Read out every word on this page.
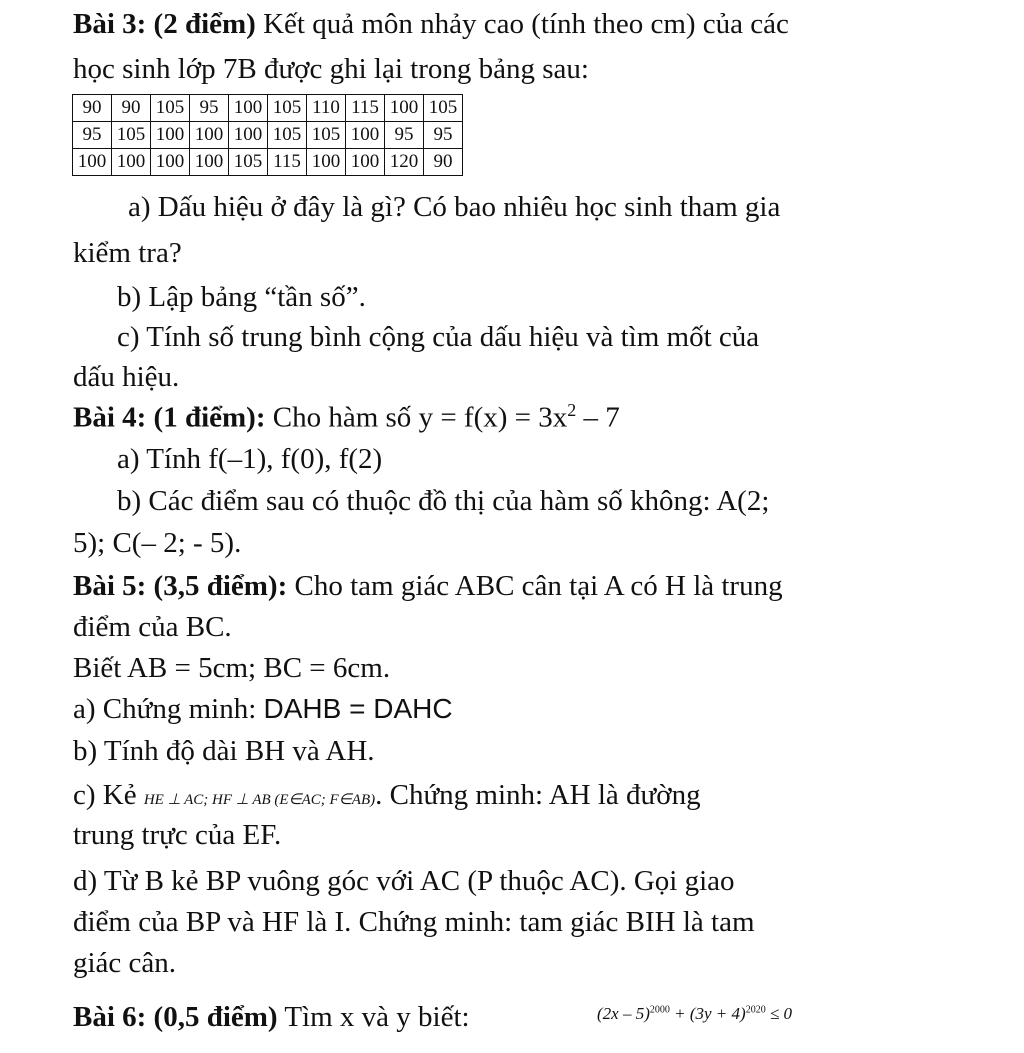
Bài 3: (2 điểm) Kết quả môn nhảy cao (tính theo cm) của các
học sinh lớp 7B được ghi lại trong bảng sau:
90	90	105	95	100	105	110	115	100	105
95	105	100	100	100	105	105	100	95	95
100	100	100	100	105	115	100	100	120	90
a) Dấu hiệu ở đây là gì? Có bao nhiêu học sinh tham gia
kiểm tra?
b) Lập bảng “tần số”.
c) Tính số trung bình cộng của dấu hiệu và tìm mốt của
dấu hiệu.
Bài 4: (1 điểm): Cho hàm số $y = f(x) = 3x^2 - 7$
a) Tính f(–1), f(0), f(2)
b) Các điểm sau có thuộc đồ thị của hàm số không: A(2;
5); C(– 2; - 5).
Bài 5: (3,5 điểm): Cho tam giác ABC cân tại A có H là trung
điểm của BC.
Biết AB = 5cm; BC = 6cm.
a) Chứng minh: DAHB = DAHC
b) Tính độ dài BH và AH.
c) Kẻ HE ⊥ AC; HF ⊥ AB (E∈AC; F∈AB). Chứng minh: AH là đường
trung trực của EF.
d) Từ B kẻ BP vuông góc với AC (P thuộc AC). Gọi giao
điểm của BP và HF là I. Chứng minh: tam giác BIH là tam
giác cân.
Bài 6: (0,5 điểm) Tìm x và y biết:	$(2x - 5)^{2000} + (3y + 4)^{2020} \le 0$
